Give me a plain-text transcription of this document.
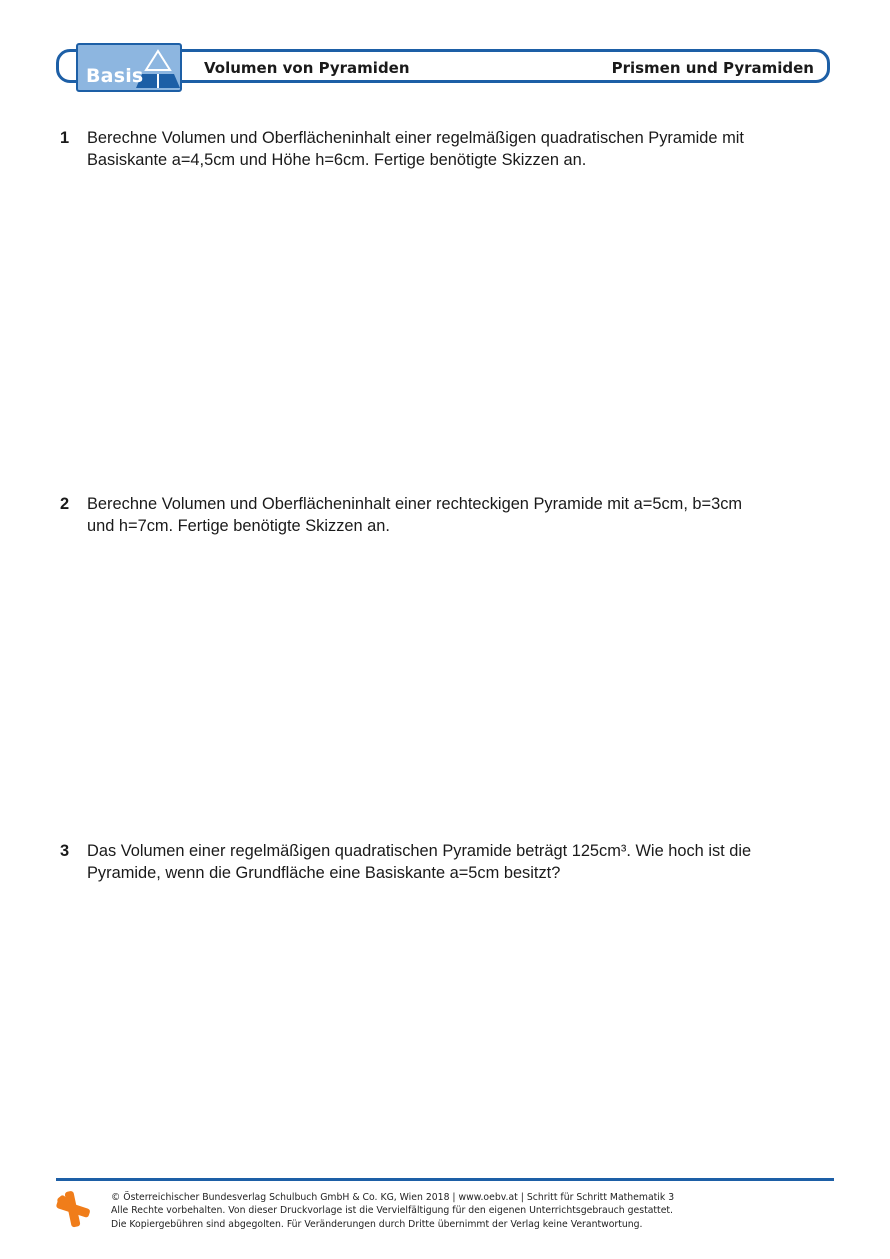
Basis	Volumen von Pyramiden	Prismen und Pyramiden
1 Berechne Volumen und Oberflächeninhalt einer regelmäßigen quadratischen Pyramide mit
Basiskante a=4,5cm und Höhe h=6cm. Fertige benötigte Skizzen an.
2 Berechne Volumen und Oberflächeninhalt einer rechteckigen Pyramide mit a=5cm, b=3cm
und h=7cm. Fertige benötigte Skizzen an.
3 Das Volumen einer regelmäßigen quadratischen Pyramide beträgt 125cm³. Wie hoch ist die
Pyramide, wenn die Grundfläche eine Basiskante a=5cm besitzt?
© Österreichischer Bundesverlag Schulbuch GmbH & Co. KG, Wien 2018 | www.oebv.at | Schritt für Schritt Mathematik 3
Alle Rechte vorbehalten. Von dieser Druckvorlage ist die Vervielfältigung für den eigenen Unterrichtsgebrauch gestattet.
Die Kopiergebühren sind abgegolten. Für Veränderungen durch Dritte übernimmt der Verlag keine Verantwortung.
